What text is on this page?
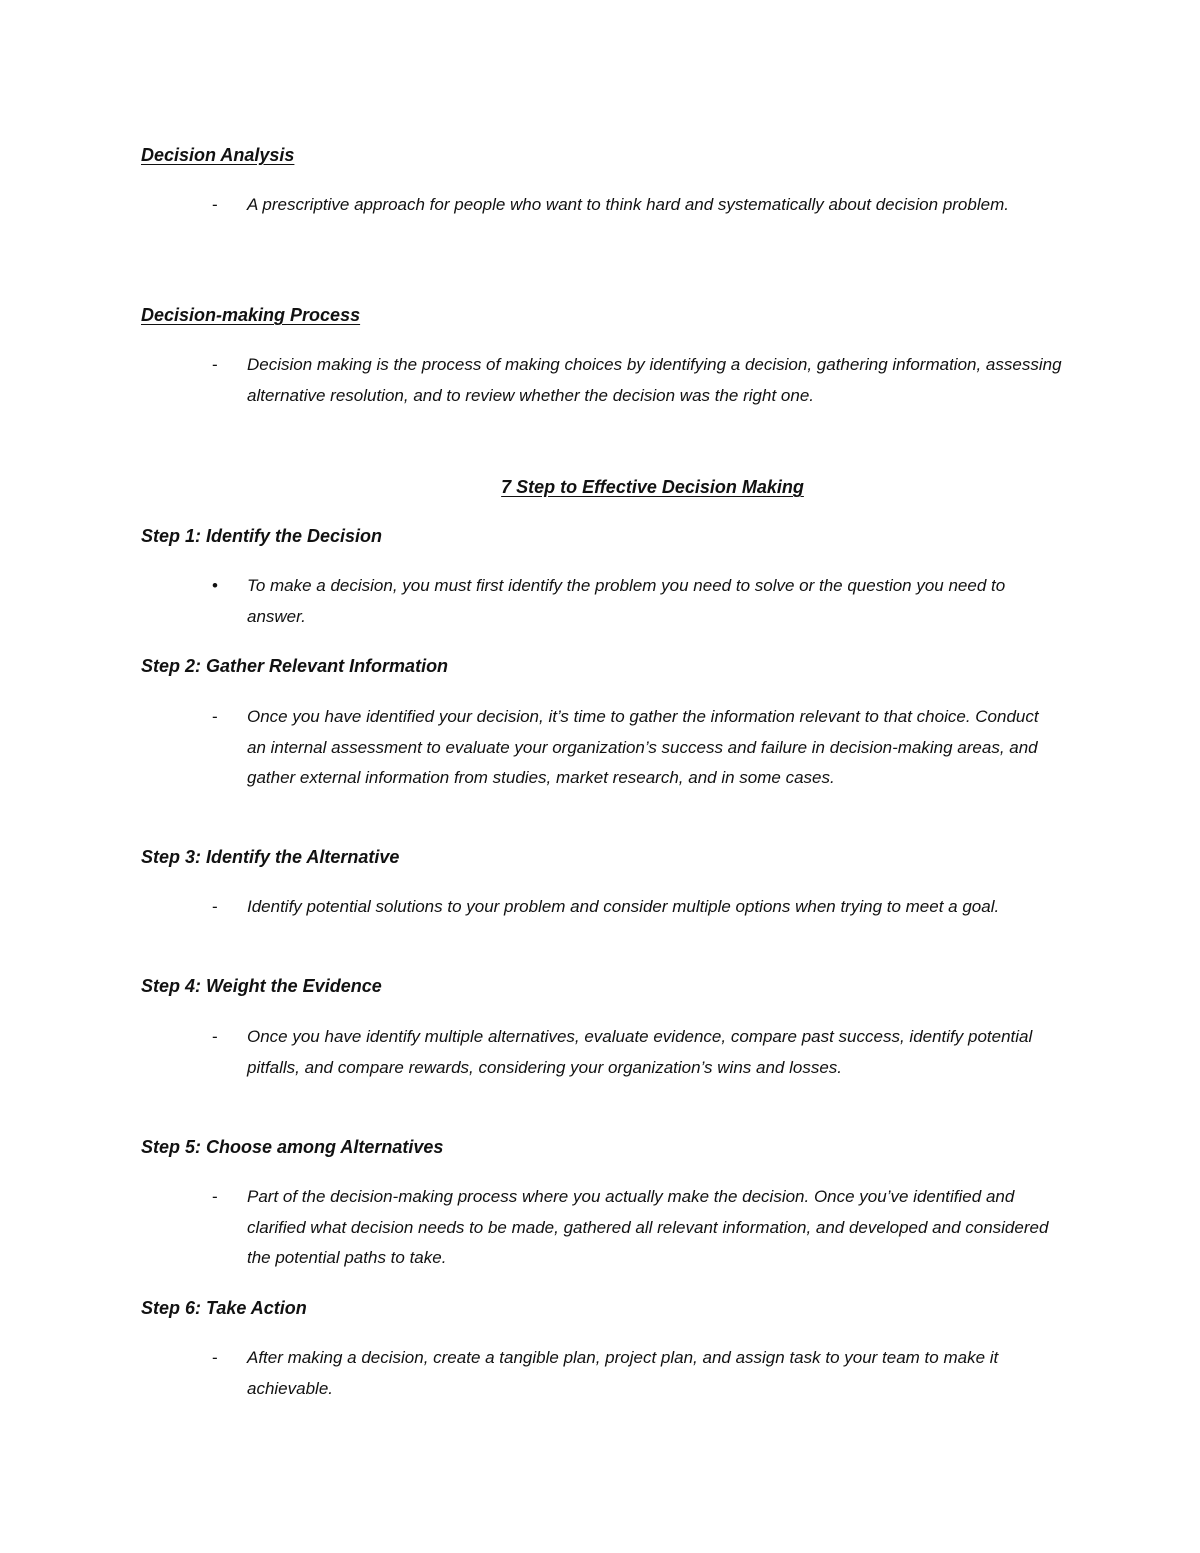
Decision Analysis
- A prescriptive approach for people who want to think hard and systematically about decision problem.
Decision-making Process
- Decision making is the process of making choices by identifying a decision, gathering information, assessing alternative resolution, and to review whether the decision was the right one.
7 Step to Effective Decision Making
Step 1: Identify the Decision
• To make a decision, you must first identify the problem you need to solve or the question you need to answer.
Step 2: Gather Relevant Information
- Once you have identified your decision, it’s time to gather the information relevant to that choice. Conduct an internal assessment to evaluate your organization’s success and failure in decision-making areas, and gather external information from studies, market research, and in some cases.
Step 3: Identify the Alternative
- Identify potential solutions to your problem and consider multiple options when trying to meet a goal.
Step 4: Weight the Evidence
- Once you have identify multiple alternatives, evaluate evidence, compare past success, identify potential pitfalls, and compare rewards, considering your organization’s wins and losses.
Step 5: Choose among Alternatives
- Part of the decision-making process where you actually make the decision. Once you’ve identified and clarified what decision needs to be made, gathered all relevant information, and developed and considered the potential paths to take.
Step 6: Take Action
- After making a decision, create a tangible plan, project plan, and assign task to your team to make it achievable.
